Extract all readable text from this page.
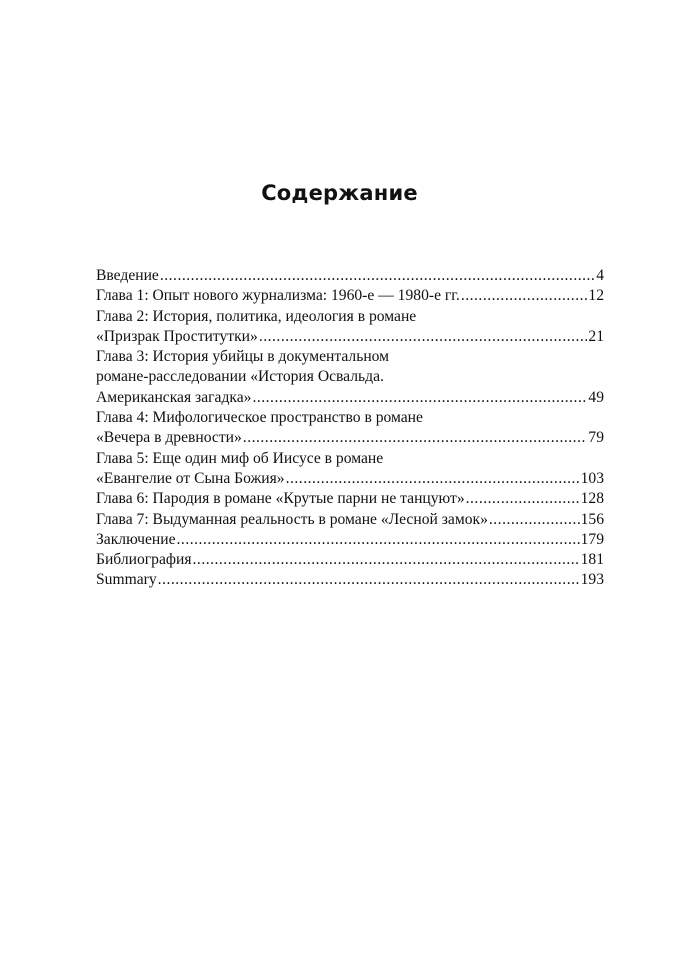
Содержание
Введение .....	4
Глава 1: Опыт нового журнализма: 1960-е — 1980-е гг. .....	12
Глава 2: История, политика, идеология в романе
«Призрак Проститутки» .....	21
Глава 3: История убийцы в документальном
романе-расследовании «История Освальда.
Американская загадка» .....	49
Глава 4: Мифологическое пространство в романе
«Вечера в древности» .....	79
Глава 5: Еще один миф об Иисусе в романе
«Евангелие от Сына Божия» .....	103
Глава 6: Пародия в романе «Крутые парни не танцуют» .....	128
Глава 7: Выдуманная реальность в романе «Лесной замок» .....	156
Заключение .....	179
Библиография .....	181
Summary .....	193
